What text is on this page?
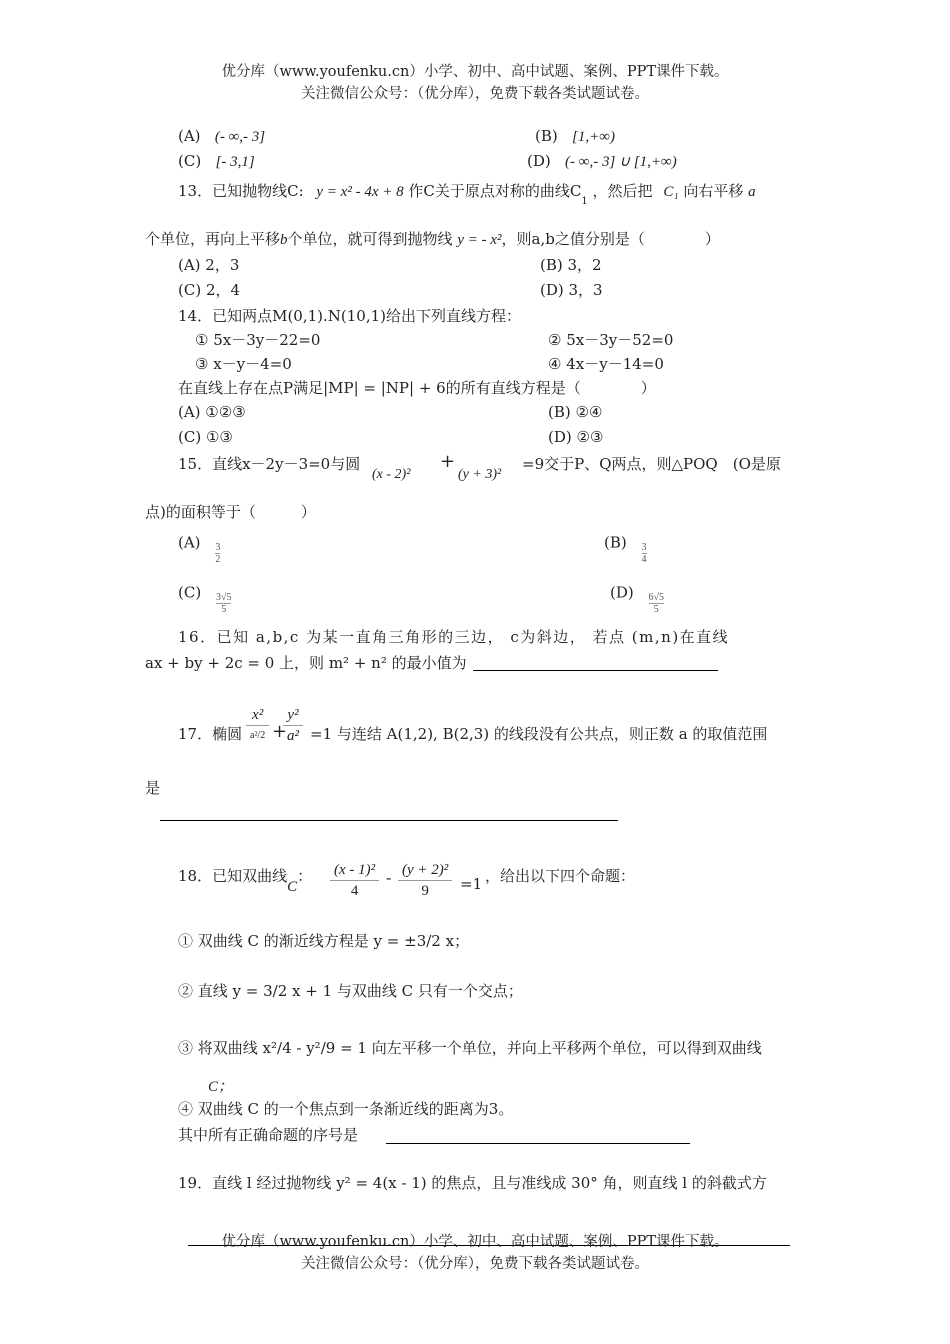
优分库（www.youfenku.cn）小学、初中、高中试题、案例、PPT课件下载。
关注微信公众号：（优分库），免费下载各类试题试卷。
(A) (- ∞,- 3]	(B) [1,+∞)
(C) [- 3,1]	(D) (- ∞,- 3] ∪ [1,+∞)
13．已知抛物线C: y = x² - 4x + 8 作C关于原点对称的曲线$C_1$ ，然后把 C₁ 向右平移 a
个单位，再向上平移b个单位，就可得到抛物线 y = - x²，则a,b之值分别是（　　　　）
(A) 2，3	(B) 3，2
(C) 2，4	(D) 3，3
14．已知两点M(0,1).N(10,1)给出下列直线方程：
① 5x－3y－22=0	② 5x－3y－52=0
③ x－y－4=0	④ 4x－y－14=0
在直线上存在点P满足|MP| = |NP| + 6的所有直线方程是（　　　　）
(A) ①②③	(B) ②④
(C) ①③	(D) ②③
15．直线x－2y－3=0与圆
(x - 2)²
+
(y + 3)²
=9交于P、Q两点，则△POQ　(O是原
点)的面积等于（　　　）
$(A) \frac{3}{2}$	$(B) \frac{3}{4}$
$(C) \frac{3√5}{5}$	$(D) \frac{6√5}{5}$
16．已知 a,b,c 为某一直角三角形的三边， c为斜边， 若点 (m,n)在直线
ax + by + 2c = 0 上，则 m² + n² 的最小值为
17．椭圆
x²
a²/2 +
$\frac{\text{y²}}{\text{a²}} =1$ 与连结 A(1,2), B(2,3) 的线段没有公共点，则正数 a 的取值范围
是
18．已知双曲线C： $\frac{\text{(x - 1)²}}{4} - \frac{\text{(y + 2)²}}{9} =1$ ，给出以下四个命题：
① 双曲线 C 的渐近线方程是 y = ±3/2 x；
② 直线 y = 3/2 x + 1 与双曲线 C 只有一个交点；
③ 将双曲线 x²/4 - y²/9 = 1 向左平移一个单位，并向上平移两个单位，可以得到双曲线
C；
④ 双曲线 C 的一个焦点到一条渐近线的距离为3。
其中所有正确命题的序号是
19．直线 l 经过抛物线 y² = 4(x - 1) 的焦点，且与准线成 30° 角，则直线 l 的斜截式方
优分库（www.youfenku.cn）小学、初中、高中试题、案例、PPT课件下载。
关注微信公众号：（优分库），免费下载各类试题试卷。
